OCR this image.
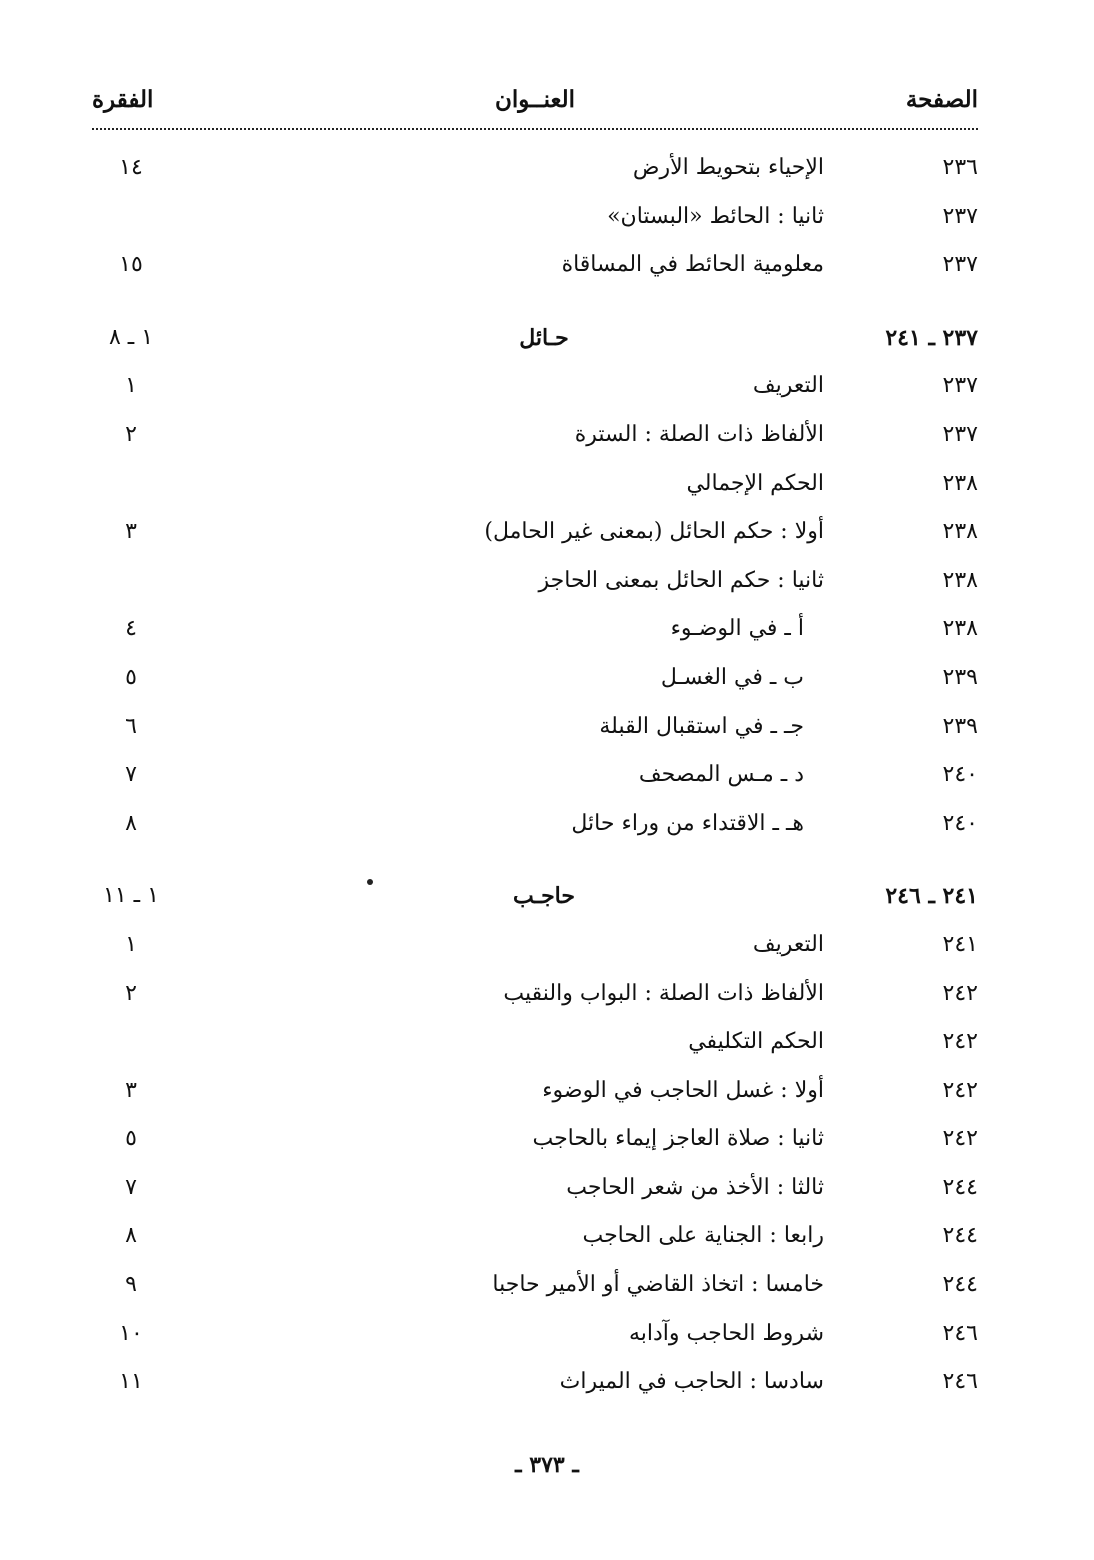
الصفحة
العنــوان
الفقرة
٢٣٦
الإحياء بتحويط الأرض
١٤
٢٣٧
ثانيا : الحائط «البستان»
٢٣٧
معلومية الحائط في المساقاة
١٥
٢٣٧ ـ ٢٤١
حـائل
١ ـ ٨
٢٣٧
التعريف
١
٢٣٧
الألفاظ ذات الصلة : السترة
٢
٢٣٨
الحكم الإجمالي
٢٣٨
أولا : حكم الحائل (بمعنى غير الحامل)
٣
٢٣٨
ثانيا : حكم الحائل بمعنى الحاجز
٢٣٨
أ ـ في الوضـوء
٤
٢٣٩
ب ـ في الغسـل
٥
٢٣٩
جـ ـ في استقبال القبلة
٦
٢٤٠
د ـ مـس المصحف
٧
٢٤٠
هـ ـ الاقتداء من وراء حائل
٨
٢٤١ ـ ٢٤٦
حاجـب
١ ـ ١١
٢٤١
التعريف
١
٢٤٢
الألفاظ ذات الصلة : البواب والنقيب
٢
٢٤٢
الحكم التكليفي
٢٤٢
أولا : غسل الحاجب في الوضوء
٣
٢٤٢
ثانيا : صلاة العاجز إيماء بالحاجب
٥
٢٤٤
ثالثا : الأخذ من شعر الحاجب
٧
٢٤٤
رابعا : الجناية على الحاجب
٨
٢٤٤
خامسا : اتخاذ القاضي أو الأمير حاجبا
٩
٢٤٦
شروط الحاجب وآدابه
١٠
٢٤٦
سادسا : الحاجب في الميراث
١١
ـ ٣٧٣ ـ
